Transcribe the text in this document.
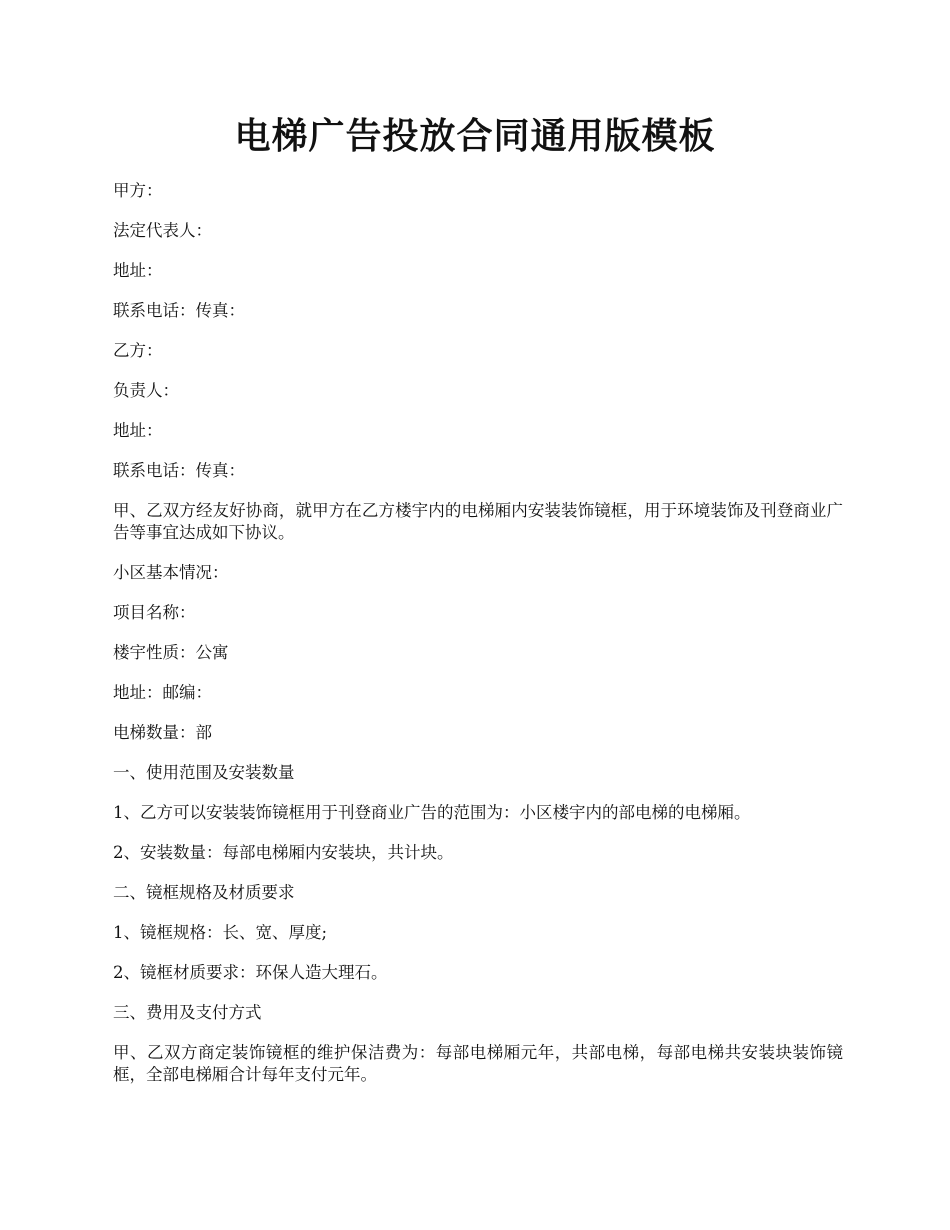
电梯广告投放合同通用版模板

甲方：

法定代表人：

地址：

联系电话：传真：

乙方：

负责人：

地址：

联系电话：传真：

甲、乙双方经友好协商，就甲方在乙方楼宇内的电梯厢内安装装饰镜框，用于环境装饰及刊登商业广告等事宜达成如下协议。

小区基本情况：

项目名称：

楼宇性质：公寓

地址：邮编：

电梯数量：部

一、使用范围及安装数量

1、乙方可以安装装饰镜框用于刊登商业广告的范围为：小区楼宇内的部电梯的电梯厢。

2、安装数量：每部电梯厢内安装块，共计块。

二、镜框规格及材质要求

1、镜框规格：长、宽、厚度;

2、镜框材质要求：环保人造大理石。

三、费用及支付方式

甲、乙双方商定装饰镜框的维护保洁费为：每部电梯厢元年，共部电梯，每部电梯共安装块装饰镜框，全部电梯厢合计每年支付元年。
